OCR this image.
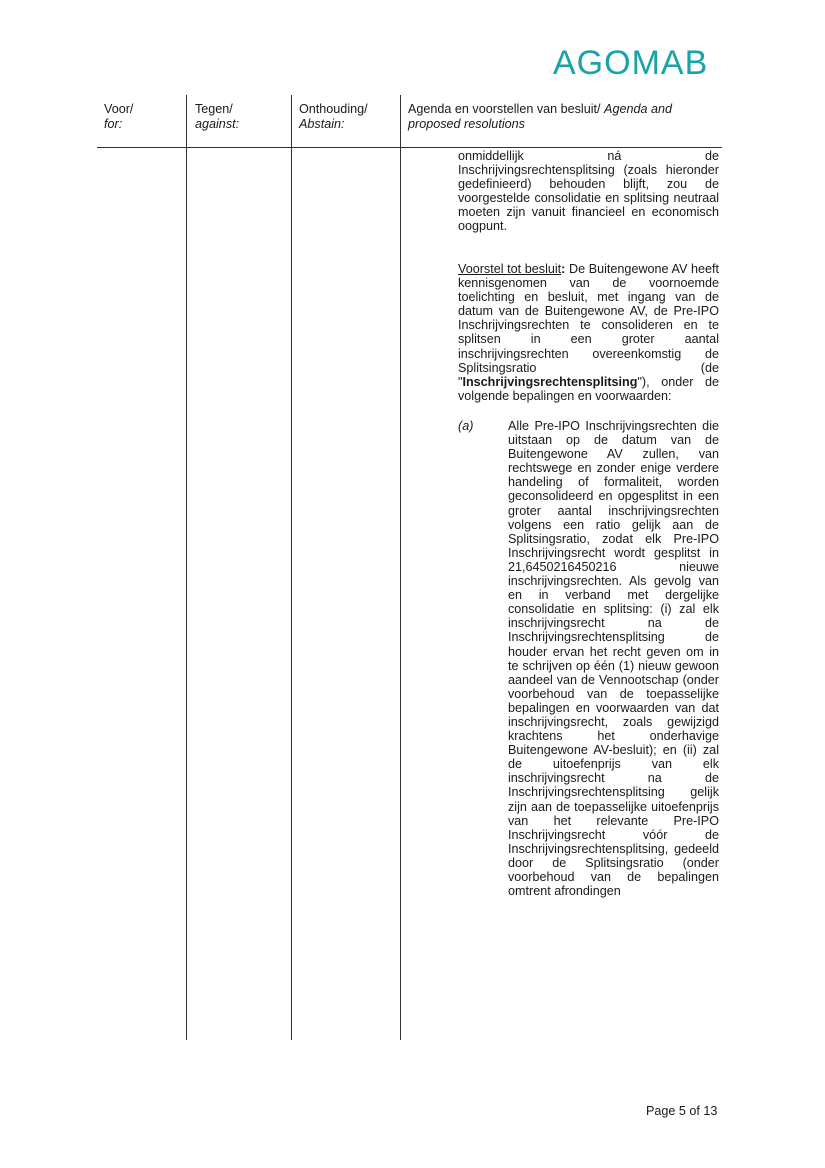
AGOMAB
Voor/
for:
Tegen/
against:
Onthouding/
Abstain:
Agenda en voorstellen van besluit/ Agenda and
proposed resolutions

onmiddellijk ná de Inschrijvingsrechtensplitsing (zoals hieronder gedefinieerd) behouden blijft, zou de voorgestelde consolidatie en splitsing neutraal moeten zijn vanuit financieel en economisch oogpunt.

Voorstel tot besluit: De Buitengewone AV heeft kennisgenomen van de voornoemde toelichting en besluit, met ingang van de datum van de Buitengewone AV, de Pre-IPO Inschrijvingsrechten te consolideren en te splitsen in een groter aantal inschrijvingsrechten overeenkomstig de Splitsingsratio (de "Inschrijvingsrechtensplitsing"), onder de volgende bepalingen en voorwaarden:

(a)	Alle Pre-IPO Inschrijvingsrechten die uitstaan op de datum van de Buitengewone AV zullen, van rechtswege en zonder enige verdere handeling of formaliteit, worden geconsolideerd en opgesplitst in een groter aantal inschrijvingsrechten volgens een ratio gelijk aan de Splitsingsratio, zodat elk Pre-IPO Inschrijvingsrecht wordt gesplitst in 21,6450216450216 nieuwe inschrijvingsrechten. Als gevolg van en in verband met dergelijke consolidatie en splitsing: (i) zal elk inschrijvingsrecht na de Inschrijvingsrechtensplitsing de houder ervan het recht geven om in te schrijven op één (1) nieuw gewoon aandeel van de Vennootschap (onder voorbehoud van de toepasselijke bepalingen en voorwaarden van dat inschrijvingsrecht, zoals gewijzigd krachtens het onderhavige Buitengewone AV-besluit); en (ii) zal de uitoefenprijs van elk inschrijvingsrecht na de Inschrijvingsrechtensplitsing gelijk zijn aan de toepasselijke uitoefenprijs van het relevante Pre-IPO Inschrijvingsrecht vóór de Inschrijvingsrechtensplitsing, gedeeld door de Splitsingsratio (onder voorbehoud van de bepalingen omtrent afrondingen

Page 5 of 13
